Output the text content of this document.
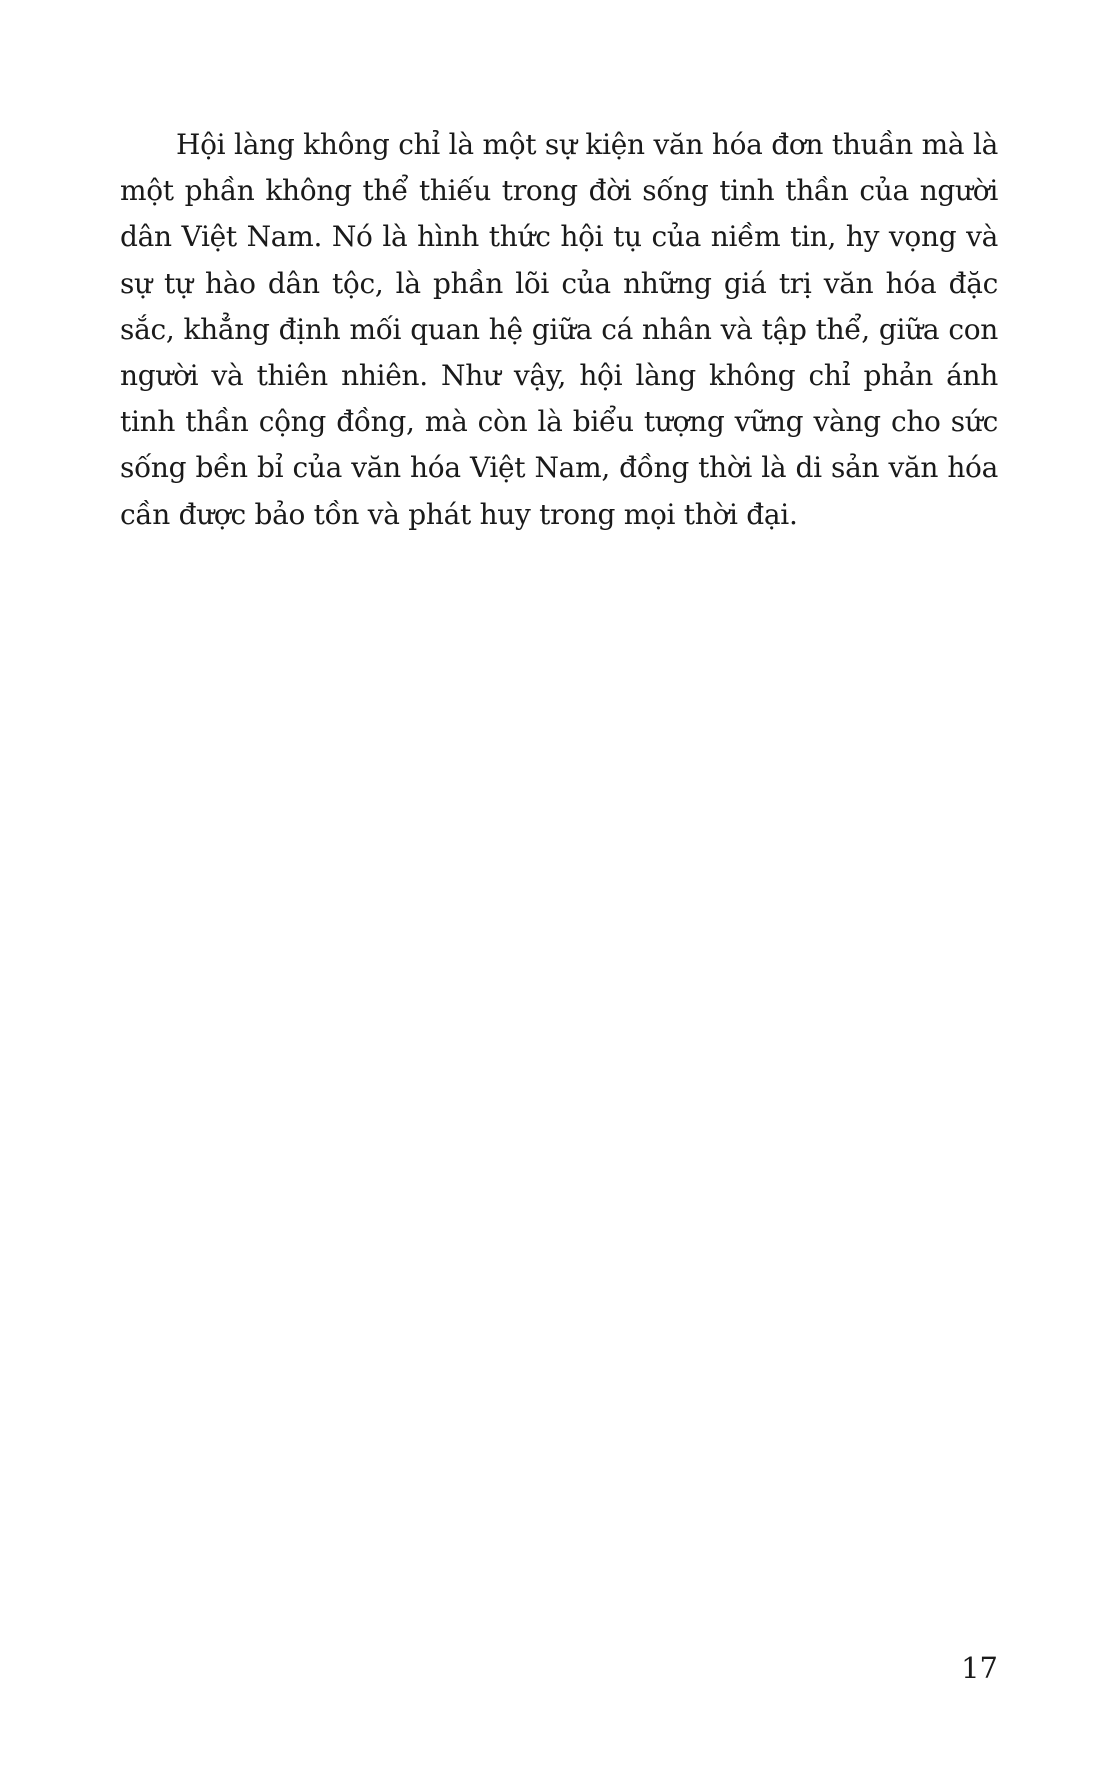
Hội làng không chỉ là một sự kiện văn hóa đơn thuần mà là một phần không thể thiếu trong đời sống tinh thần của người dân Việt Nam. Nó là hình thức hội tụ của niềm tin, hy vọng và sự tự hào dân tộc, là phần lõi của những giá trị văn hóa đặc sắc, khẳng định mối quan hệ giữa cá nhân và tập thể, giữa con người và thiên nhiên. Như vậy, hội làng không chỉ phản ánh tinh thần cộng đồng, mà còn là biểu tượng vững vàng cho sức sống bền bỉ của văn hóa Việt Nam, đồng thời là di sản văn hóa cần được bảo tồn và phát huy trong mọi thời đại.

17
